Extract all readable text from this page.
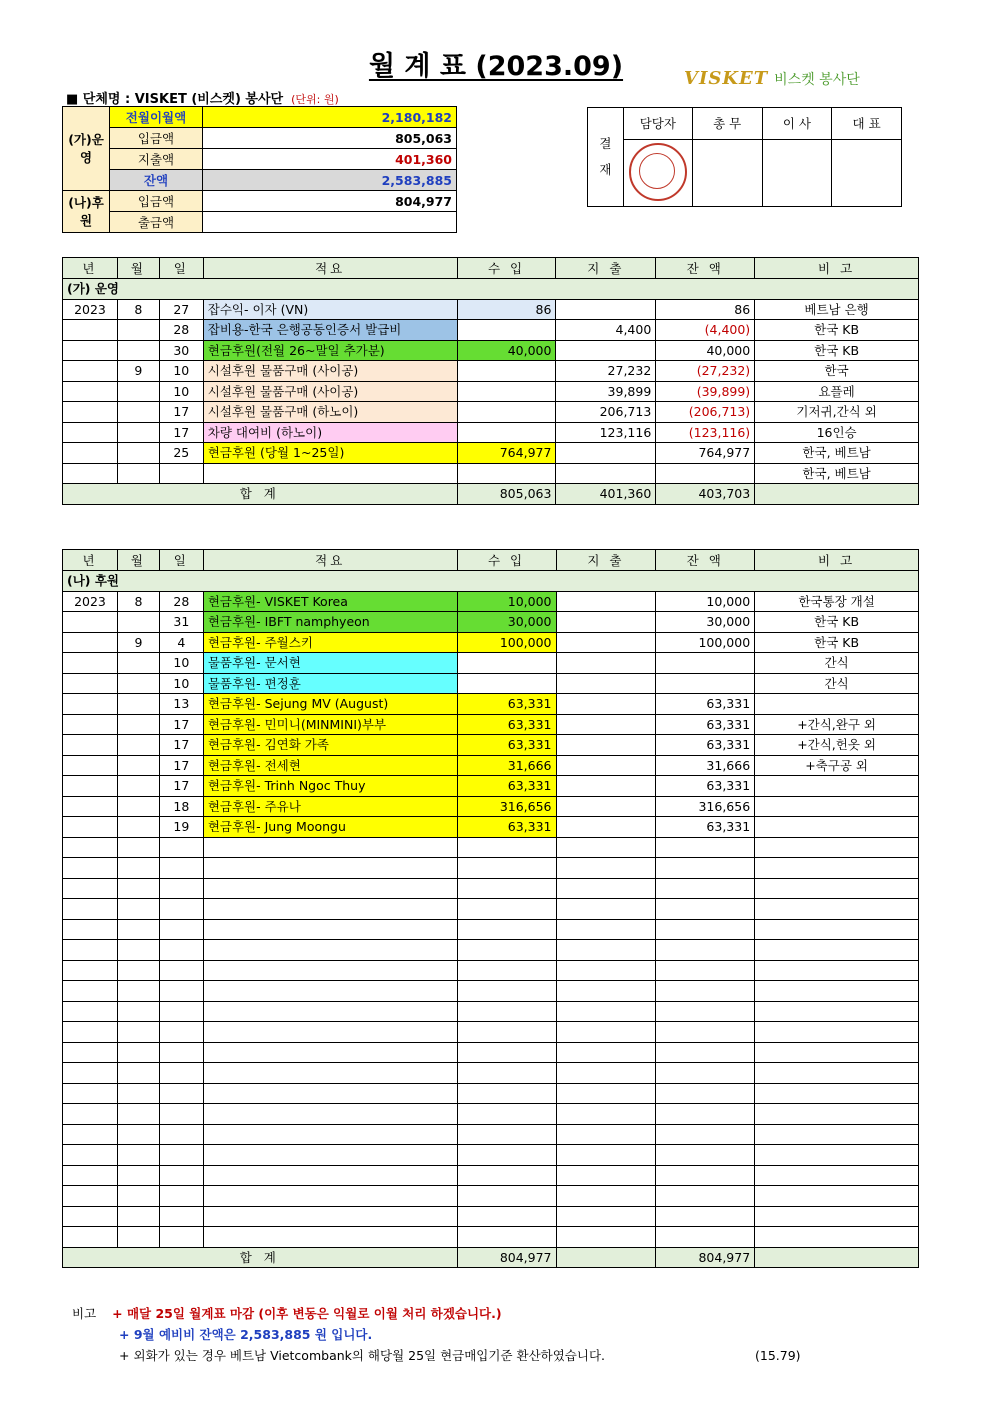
월 계 표 (2023.09)	VISKET 비스켓 봉사단
■ 단체명 : VISKET (비스켓) 봉사단 (단위: 원)
(가)운영	전월이월액	2,180,182
	입금액	805,063
	지출액	401,360
	잔액	2,583,885
(나)후원	입금액	804,977
	출금액	
결 재	담당자	총 무	이 사	대 표

년	월	일	적요	수 입	지 출	잔 액	비 고
(가) 운영							
2023	8	27	잡수익- 이자 (VN)	86		86	베트남 은행
		28	잡비용-한국 은행공동인증서 발급비		4,400	(4,400)	한국 KB
		30	현금후원(전월 26~말일 추가분)	40,000		40,000	한국 KB
	9	10	시설후원 물품구매 (사이공)		27,232	(27,232)	한국
		10	시설후원 물품구매 (사이공)		39,899	(39,899)	요플레
		17	시설후원 물품구매 (하노이)		206,713	(206,713)	기저귀,간식 외
		17	차량 대여비 (하노이)		123,116	(123,116)	16인승
		25	현금후원 (당월 1~25일)	764,977		764,977	한국, 베트남
							한국, 베트남
합 계				805,063	401,360	403,703	
년	월	일	적요	수 입	지 출	잔 액	비 고
(나) 후원							
2023	8	28	현금후원- VISKET Korea	10,000		10,000	한국통장 개설
		31	현금후원- IBFT namphyeon	30,000		30,000	한국 KB
	9	4	현금후원- 주월스키	100,000		100,000	한국 KB
		10	물품후원- 문서현				간식
		10	물품후원- 편정훈				간식
		13	현금후원- Sejung MV (August)	63,331		63,331	
		17	현금후원- 민미니(MINMINI)부부	63,331		63,331	+간식,완구 외
		17	현금후원- 김연화 가족	63,331		63,331	+간식,헌옷 외
		17	현금후원- 전세현	31,666		31,666	+축구공 외
		17	현금후원- Trinh Ngoc Thuy	63,331		63,331	
		18	현금후원- 주유나	316,656		316,656	
		19	현금후원- Jung Moongu	63,331		63,331	

합 계				804,977		804,977	
비고 + 매달 25일 월계표 마감 (이후 변동은 익월로 이월 처리 하겠습니다.)
+ 9월 예비비 잔액은 2,583,885 원 입니다.
+ 외화가 있는 경우 베트남 Vietcombank의 해당월 25일 현금매입기준 환산하였습니다.	(15.79)
